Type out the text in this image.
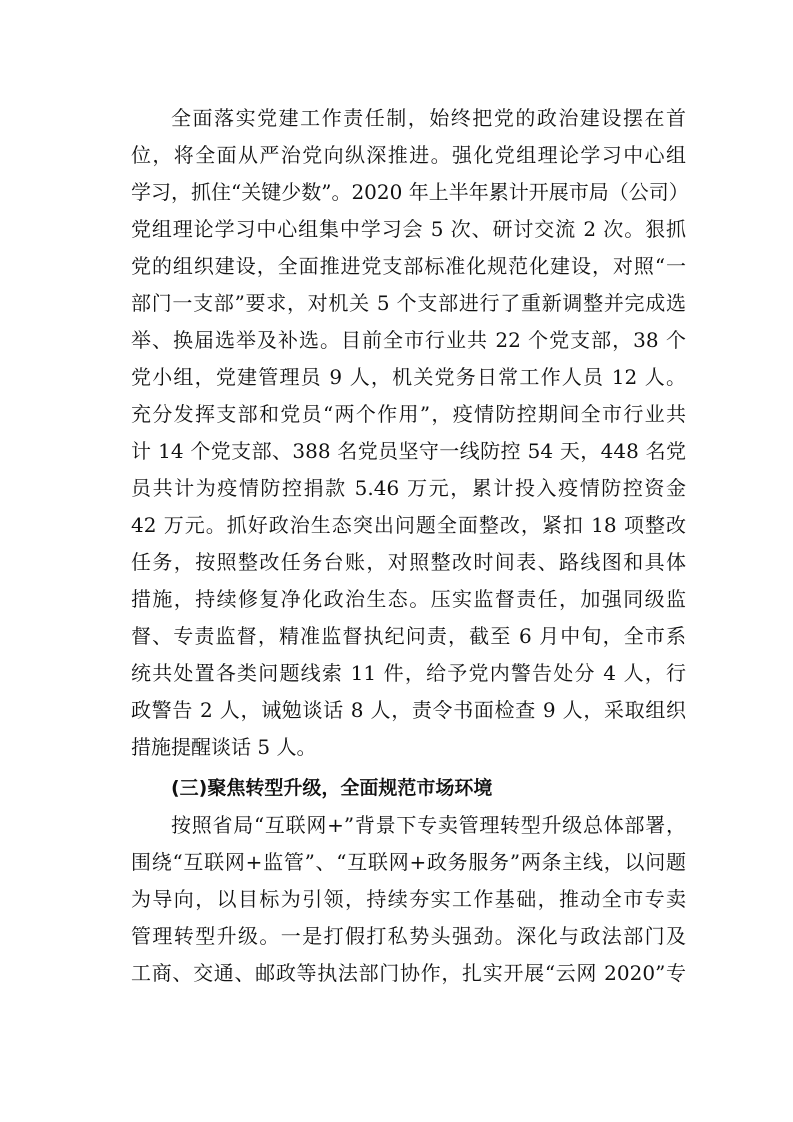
全面落实党建工作责任制，始终把党的政治建设摆在首
位，将全面从严治党向纵深推进。强化党组理论学习中心组
学习，抓住“关键少数”。2020 年上半年累计开展市局（公司）
党组理论学习中心组集中学习会 5 次、研讨交流 2 次。狠抓
党的组织建设，全面推进党支部标准化规范化建设，对照“一
部门一支部”要求，对机关 5 个支部进行了重新调整并完成选
举、换届选举及补选。目前全市行业共 22 个党支部，38 个
党小组，党建管理员 9 人，机关党务日常工作人员 12 人。
充分发挥支部和党员“两个作用”，疫情防控期间全市行业共
计 14 个党支部、388 名党员坚守一线防控 54 天，448 名党
员共计为疫情防控捐款 5.46 万元，累计投入疫情防控资金
42 万元。抓好政治生态突出问题全面整改，紧扣 18 项整改
任务，按照整改任务台账，对照整改时间表、路线图和具体
措施，持续修复净化政治生态。压实监督责任，加强同级监
督、专责监督，精准监督执纪问责，截至 6 月中旬，全市系
统共处置各类问题线索 11 件，给予党内警告处分 4 人，行
政警告 2 人，诫勉谈话 8 人，责令书面检查 9 人，采取组织
措施提醒谈话 5 人。
(三)聚焦转型升级，全面规范市场环境
按照省局“互联网+”背景下专卖管理转型升级总体部署，
围绕“互联网+监管”、“互联网+政务服务”两条主线，以问题
为导向，以目标为引领，持续夯实工作基础，推动全市专卖
管理转型升级。一是打假打私势头强劲。深化与政法部门及
工商、交通、邮政等执法部门协作，扎实开展“云网 2020”专
